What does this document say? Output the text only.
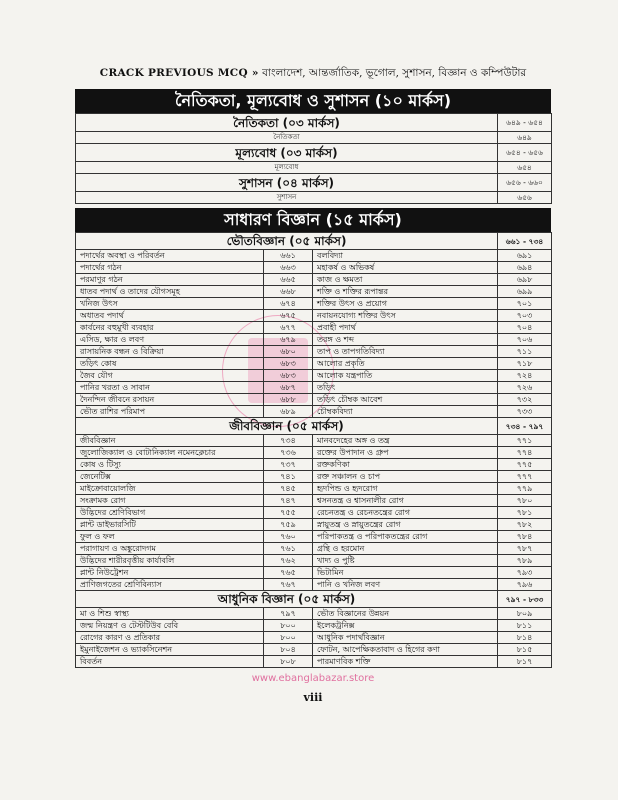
CRACK PREVIOUS MCQ » বাংলাদেশ, আন্তর্জাতিক, ভূগোল, সুশাসন, বিজ্ঞান ও কম্পিউটার
নৈতিকতা, মূল্যবোধ ও সুশাসন (১০ মার্কস)
নৈতিকতা (০৩ মার্কস)	৬৪৯ - ৬৫৪
নৈতিকতা	৬৪৯
মূল্যবোধ (০৩ মার্কস)	৬৫৪ - ৬৫৬
মূল্যবোধ	৬৫৪
সুশাসন (০৪ মার্কস)	৬৫৬ - ৬৬০
সুশাসন	৬৫৬
সাধারণ বিজ্ঞান (১৫ মার্কস)
ভৌতবিজ্ঞান (০৫ মার্কস)			৬৬১ - ৭৩৪
পদার্থের অবস্থা ও পরিবর্তন	৬৬১	বলবিদ্যা	৬৯১
পদার্থের গঠন	৬৬৩	মহাকর্ষ ও অভিকর্ষ	৬৯৪
পরমাণুর গঠন	৬৬৫	কাজ ও ক্ষমতা	৬৯৮
ধাতব পদার্থ ও তাদের যৌগসমূহ	৬৬৮	শক্তি ও শক্তির রূপান্তর	৬৯৯
খনিজ উৎস	৬৭৪	শক্তির উৎস ও প্রয়োগ	৭০১
অধাতব পদার্থ	৬৭৫	নবায়নযোগ্য শক্তির উৎস	৭০৩
কার্বনের বহুমুখী ব্যবহার	৬৭৭	প্রবাহী পদার্থ	৭০৪
এসিড, ক্ষার ও লবণ	৬৭৯	তরঙ্গ ও শব্দ	৭০৬
রাসায়নিক বন্ধন ও বিক্রিয়া	৬৮০	তাপ ও তাপগতিবিদ্যা	৭১১
তড়িৎ কোষ	৬৮৩	আলোর প্রকৃতি	৭১৮
জৈব যৌগ	৬৮৩	আলোক যন্ত্রপাতি	৭২৪
পানির খরতা ও সাবান	৬৮৭	তড়িৎ	৭২৬
দৈনন্দিন জীবনে রসায়ন	৬৮৮	তড়িৎ চৌম্বক আবেশ	৭৩২
ভৌত রাশির পরিমাপ	৬৮৯	চৌম্বকবিদ্যা	৭৩৩
জীববিজ্ঞান (০৫ মার্কস)			৭৩৪ - ৭৯৭
জীববিজ্ঞান	৭৩৪	মানবদেহের অঙ্গ ও তন্ত্র	৭৭১
জুলোজিক্যাল ও বোটানিক্যাল নমেনক্লেচার	৭৩৬	রক্তের উপাদান ও গ্রুপ	৭৭৪
কোষ ও টিস্যু	৭৩৭	রক্তকণিকা	৭৭৫
জেনেটিক্স	৭৪১	রক্ত সঞ্চালন ও চাপ	৭৭৭
মাইক্রোবায়োলজি	৭৪৫	হৃদপিন্ড ও হৃদরোগ	৭৭৯
সংক্রামক রোগ	৭৪৭	শ্বসনতন্ত্র ও শ্বাসনালীর রোগ	৭৮০
উদ্ভিদের শ্রেণিবিভাগ	৭৫৫	রেচনতন্ত্র ও রেচনতন্ত্রের রোগ	৭৮১
প্লান্ট ডাইভারসিটি	৭৫৯	স্নায়ুতন্ত্র ও স্নায়ুতন্ত্রের রোগ	৭৮২
ফুল ও ফল	৭৬০	পরিপাকতন্ত্র ও পরিপাকতন্ত্রের রোগ	৭৮৪
পরাগায়ণ ও অঙ্কুরোদগম	৭৬১	গ্রন্থি ও হরমোন	৭৮৭
উদ্ভিদের শারীরবৃত্তীয় কার্যাবলি	৭৬২	খাদ্য ও পুষ্টি	৭৮৯
প্লান্ট নিউট্রেশন	৭৬৫	ভিটামিন	৭৯৩
প্রাণিজগতের শ্রেণিবিন্যাস	৭৬৭	পানি ও খনিজ লবণ	৭৯৬
আধুনিক বিজ্ঞান (০৫ মার্কস)			৭৯৭ - ৮৩৩
মা ও শিশু স্বাস্থ্য	৭৯৭	ভৌত বিজ্ঞানের উন্নয়ন	৮০৯
জন্ম নিয়ন্ত্রণ ও টেস্টটিউব বেবি	৮০০	ইলেকট্রনিক্স	৮১১
রোগের কারণ ও প্রতিকার	৮০০	আধুনিক পদার্থবিজ্ঞান	৮১৪
ইমুনাইজেশন ও ভ্যাকসিনেশন	৮০৪	ফোটন, আপেক্ষিকতাবাদ ও হিগের কণা	৮১৫
বিবর্তন	৮০৮	পারমাণবিক শক্তি	৮১৭
www.ebanglabazar.store
viii
